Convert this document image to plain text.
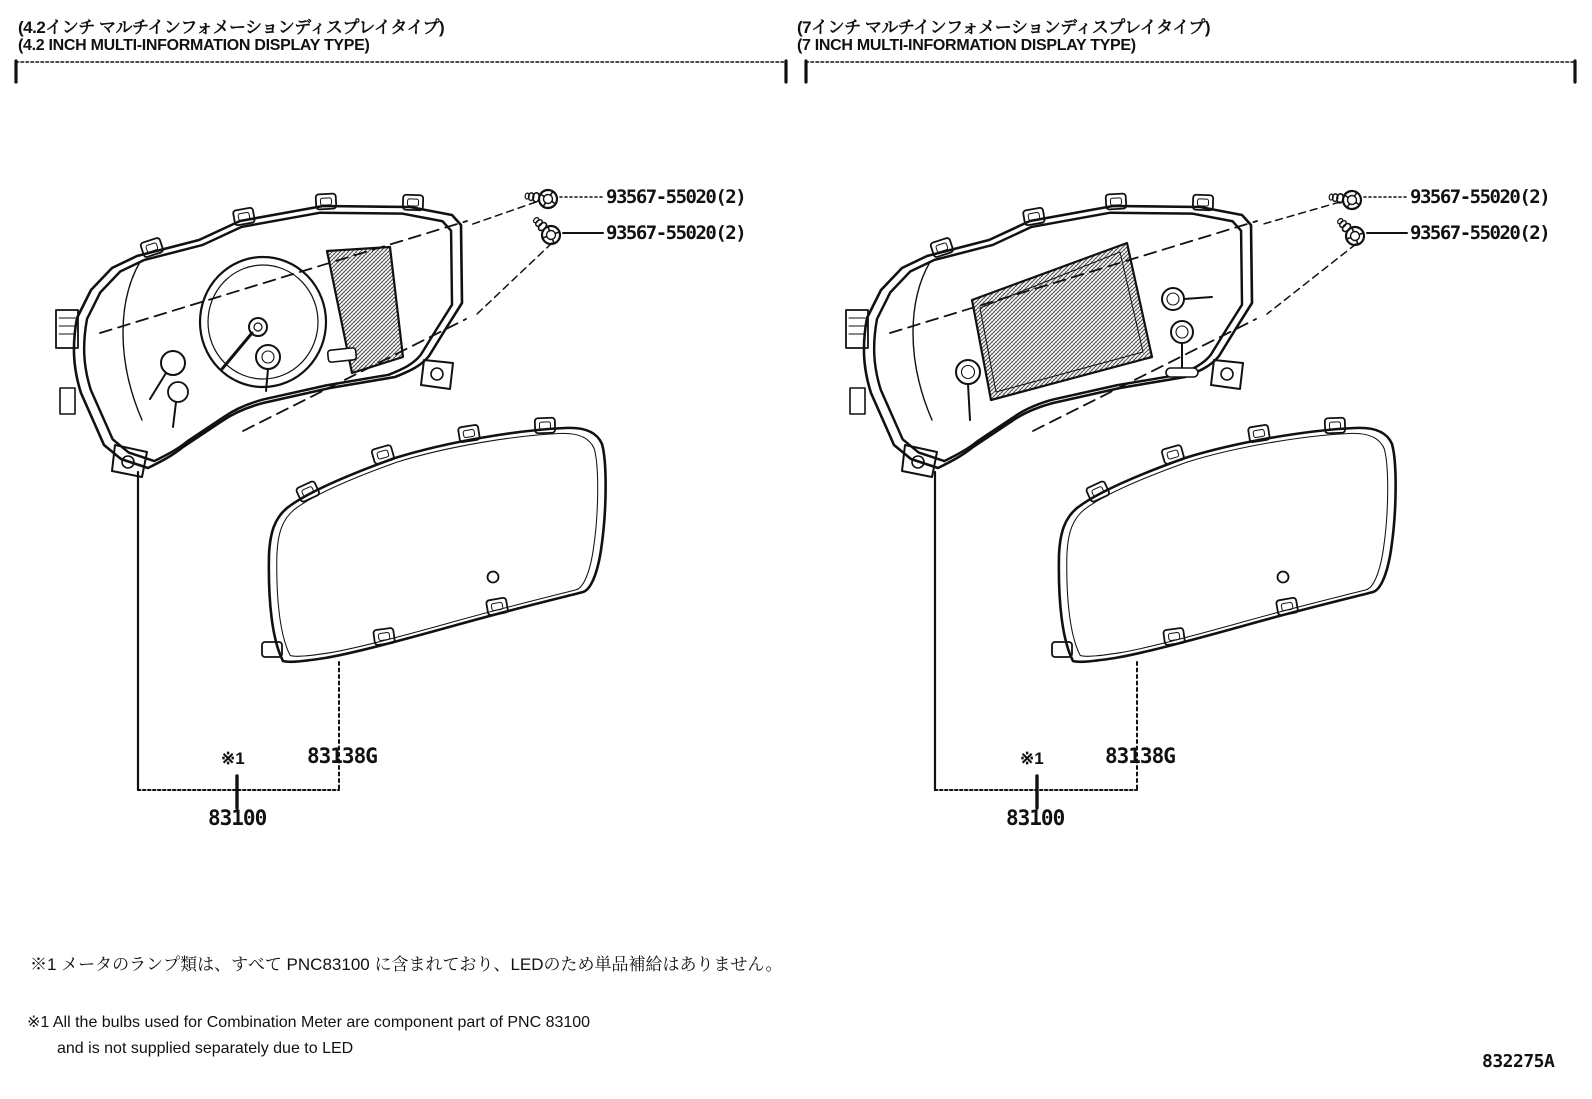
(4.2インチ マルチインフォメーションディスプレイタイプ)
(4.2 INCH MULTI-INFORMATION DISPLAY TYPE)
(7インチ マルチインフォメーションディスプレイタイプ)
(7 INCH MULTI-INFORMATION DISPLAY TYPE)
93567-55020(2)
93567-55020(2)
93567-55020(2)
93567-55020(2)
※1	83138G
83100
※1	83138G
83100
※1 メータのランプ類は、すべて PNC83100 に含まれており、LEDのため単品補給はありません。
※1 All the bulbs used for Combination Meter are component part of PNC 83100
and is not supplied separately due to LED
832275A
